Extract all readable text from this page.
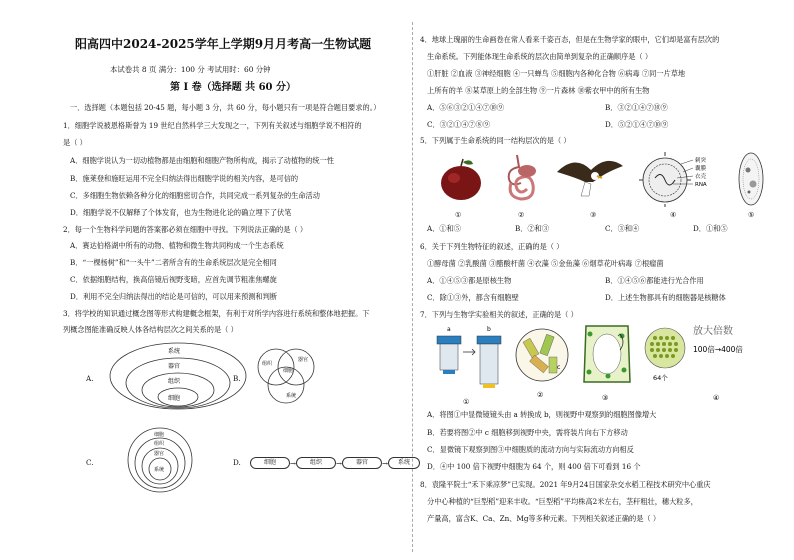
阳高四中2024-2025学年上学期9月月考高一生物试题
本试卷共 8 页 满分：100 分 考试用时：60 分钟
第 I 卷（选择题 共 60 分）
一．选择题（本题包括 20-45 题，每小题 3 分，共 60 分，每小题只有一项是符合题目要求的。）
1．细胞学说被恩格斯誉为 19 世纪自然科学三大发现之一，下列有关叙述与细胞学说不相符的
是（ ）
A．细胞学说认为一切动植物都是由细胞和细胞产物所构成，揭示了动植物的统一性
B．施莱登和施旺运用不完全归纳法得出细胞学说的相关内容，是可信的
C．多细胞生物依赖各种分化的细胞密切合作，共同完成一系列复杂的生命活动
D．细胞学说不仅解释了个体发育，也为生物进化论的确立埋下了伏笔
2．每一个生物科学问题的答案都必须在细胞中寻找。下列说法正确的是（ ）
A．赛达伯格湖中所有的动物、植物和微生物共同构成一个生态系统
B．“一棵杨树”和“一头牛”二者所含有的生命系统层次是完全相同
C．依据细胞结构，换高倍镜后视野变暗，应首先调节粗准焦螺旋
D．利用不完全归纳法得出的结论是可信的，可以用来预测和判断
3．将学校的知识通过概念图等形式构建概念框架，有利于对所学内容进行系统和整体地把握。下
列概念图能准确反映人体各结构层次之间关系的是（ ）
A.
系统
器官
组织
细胞
B.
组织
器官
细胞
系统
C.
细胞
组织
器官
系统
D.	细胞	→	组织	→	器官	→	系统
4．地球上瑰丽的生命画卷在常人看来千姿百态，但是在生物学家的眼中，它们却是富有层次的
生命系统。下列能体现生命系统的层次由简单到复杂的正确顺序是（ ）
①肝脏 ②血液 ③神经细胞 ④一只蝉鸟 ⑤细胞内各种化合物 ⑥病毒 ⑦同一片草地
上所有的羊 ⑧某草原上的全部生物 ⑨一片森林 ⑩紫衣甲中的所有生物
A．⑤⑥③②①④⑦⑩⑨	B．③②①④⑦⑩⑨
C．③②①④⑦⑧⑨	D．⑤②①④⑦⑩⑨
5．下列属于生命系统的同一结构层次的是（ ）
刺突
囊膜
衣壳
RNA
①	②	③	④	⑤
A．①和⑤	B．②和③	C．③和④	D．①和⑤
6．关于下列生物特征的叙述，正确的是（ ）
①酵母菌 ②乳酸菌 ③醋酸杆菌 ④衣藻 ⑤金鱼藻 ⑥烟草花叶病毒 ⑦根瘤菌
A．①④⑤③都是原核生物	B．①④⑤⑥都能进行光合作用
C．除①③外，都含有细胞壁	D．上述生物都具有的细胞器是核糖体
7．下列与生物学实验相关的叙述，正确的是（ ）
a	b
①
c
②	③
放大倍数
100倍→400倍
64个
④
A．将图①中显微镜镜头由 a 转换成 b，则视野中观察到的细胞图像增大
B．若要将图②中 c 细胞移到视野中央，需将装片向右下方移动
C．显微镜下观察到图③中细胞质的流动方向与实际流动方向相反
D．④中 100 倍下视野中细胞为 64 个，则 400 倍下可看到 16 个
8．袁隆平院士“禾下乘凉梦”已实现。2021 年9月24日国家杂交水稻工程技术研究中心重庆
分中心种植的“巨型稻”迎来丰收。“巨型稻”平均株高2米左右，茎秆粗壮，穗大粒多，
产量高，富含K、Ca、Zn、Mg等多种元素。下列相关叙述正确的是（ ）
